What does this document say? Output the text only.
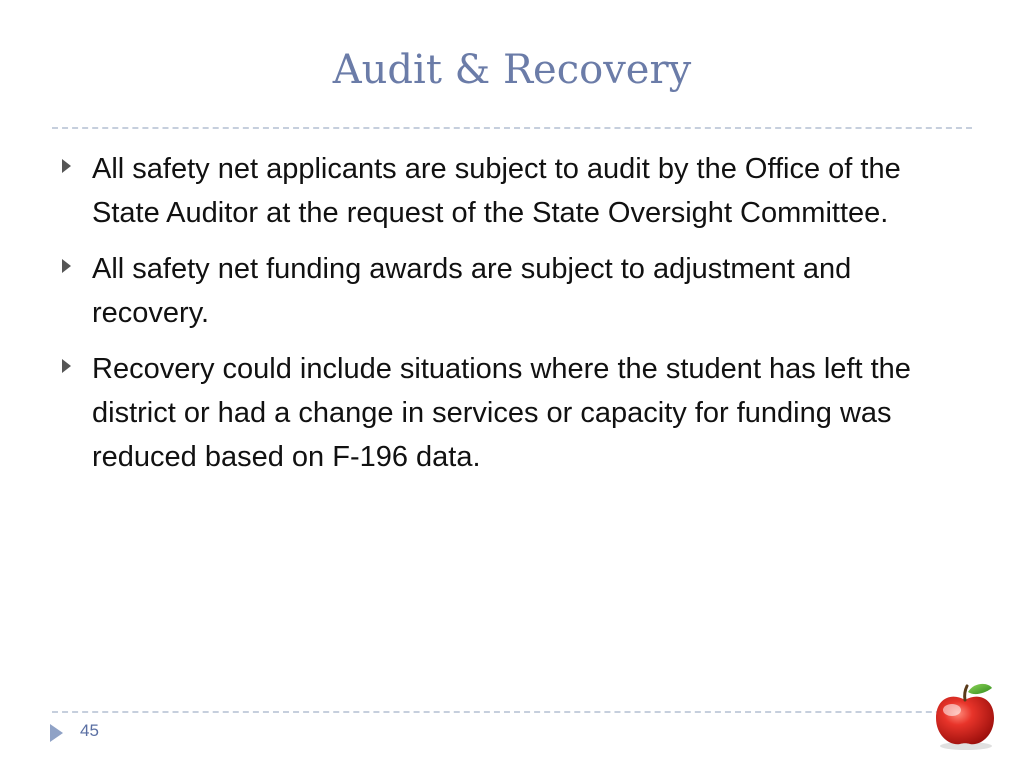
Audit & Recovery
All safety net applicants are subject to audit by the Office of the State Auditor at the request of the State Oversight Committee.
All safety net funding awards are subject to adjustment and recovery.
Recovery could include situations where the student has left the district or had a change in services or capacity for funding was reduced based on F-196 data.
45
